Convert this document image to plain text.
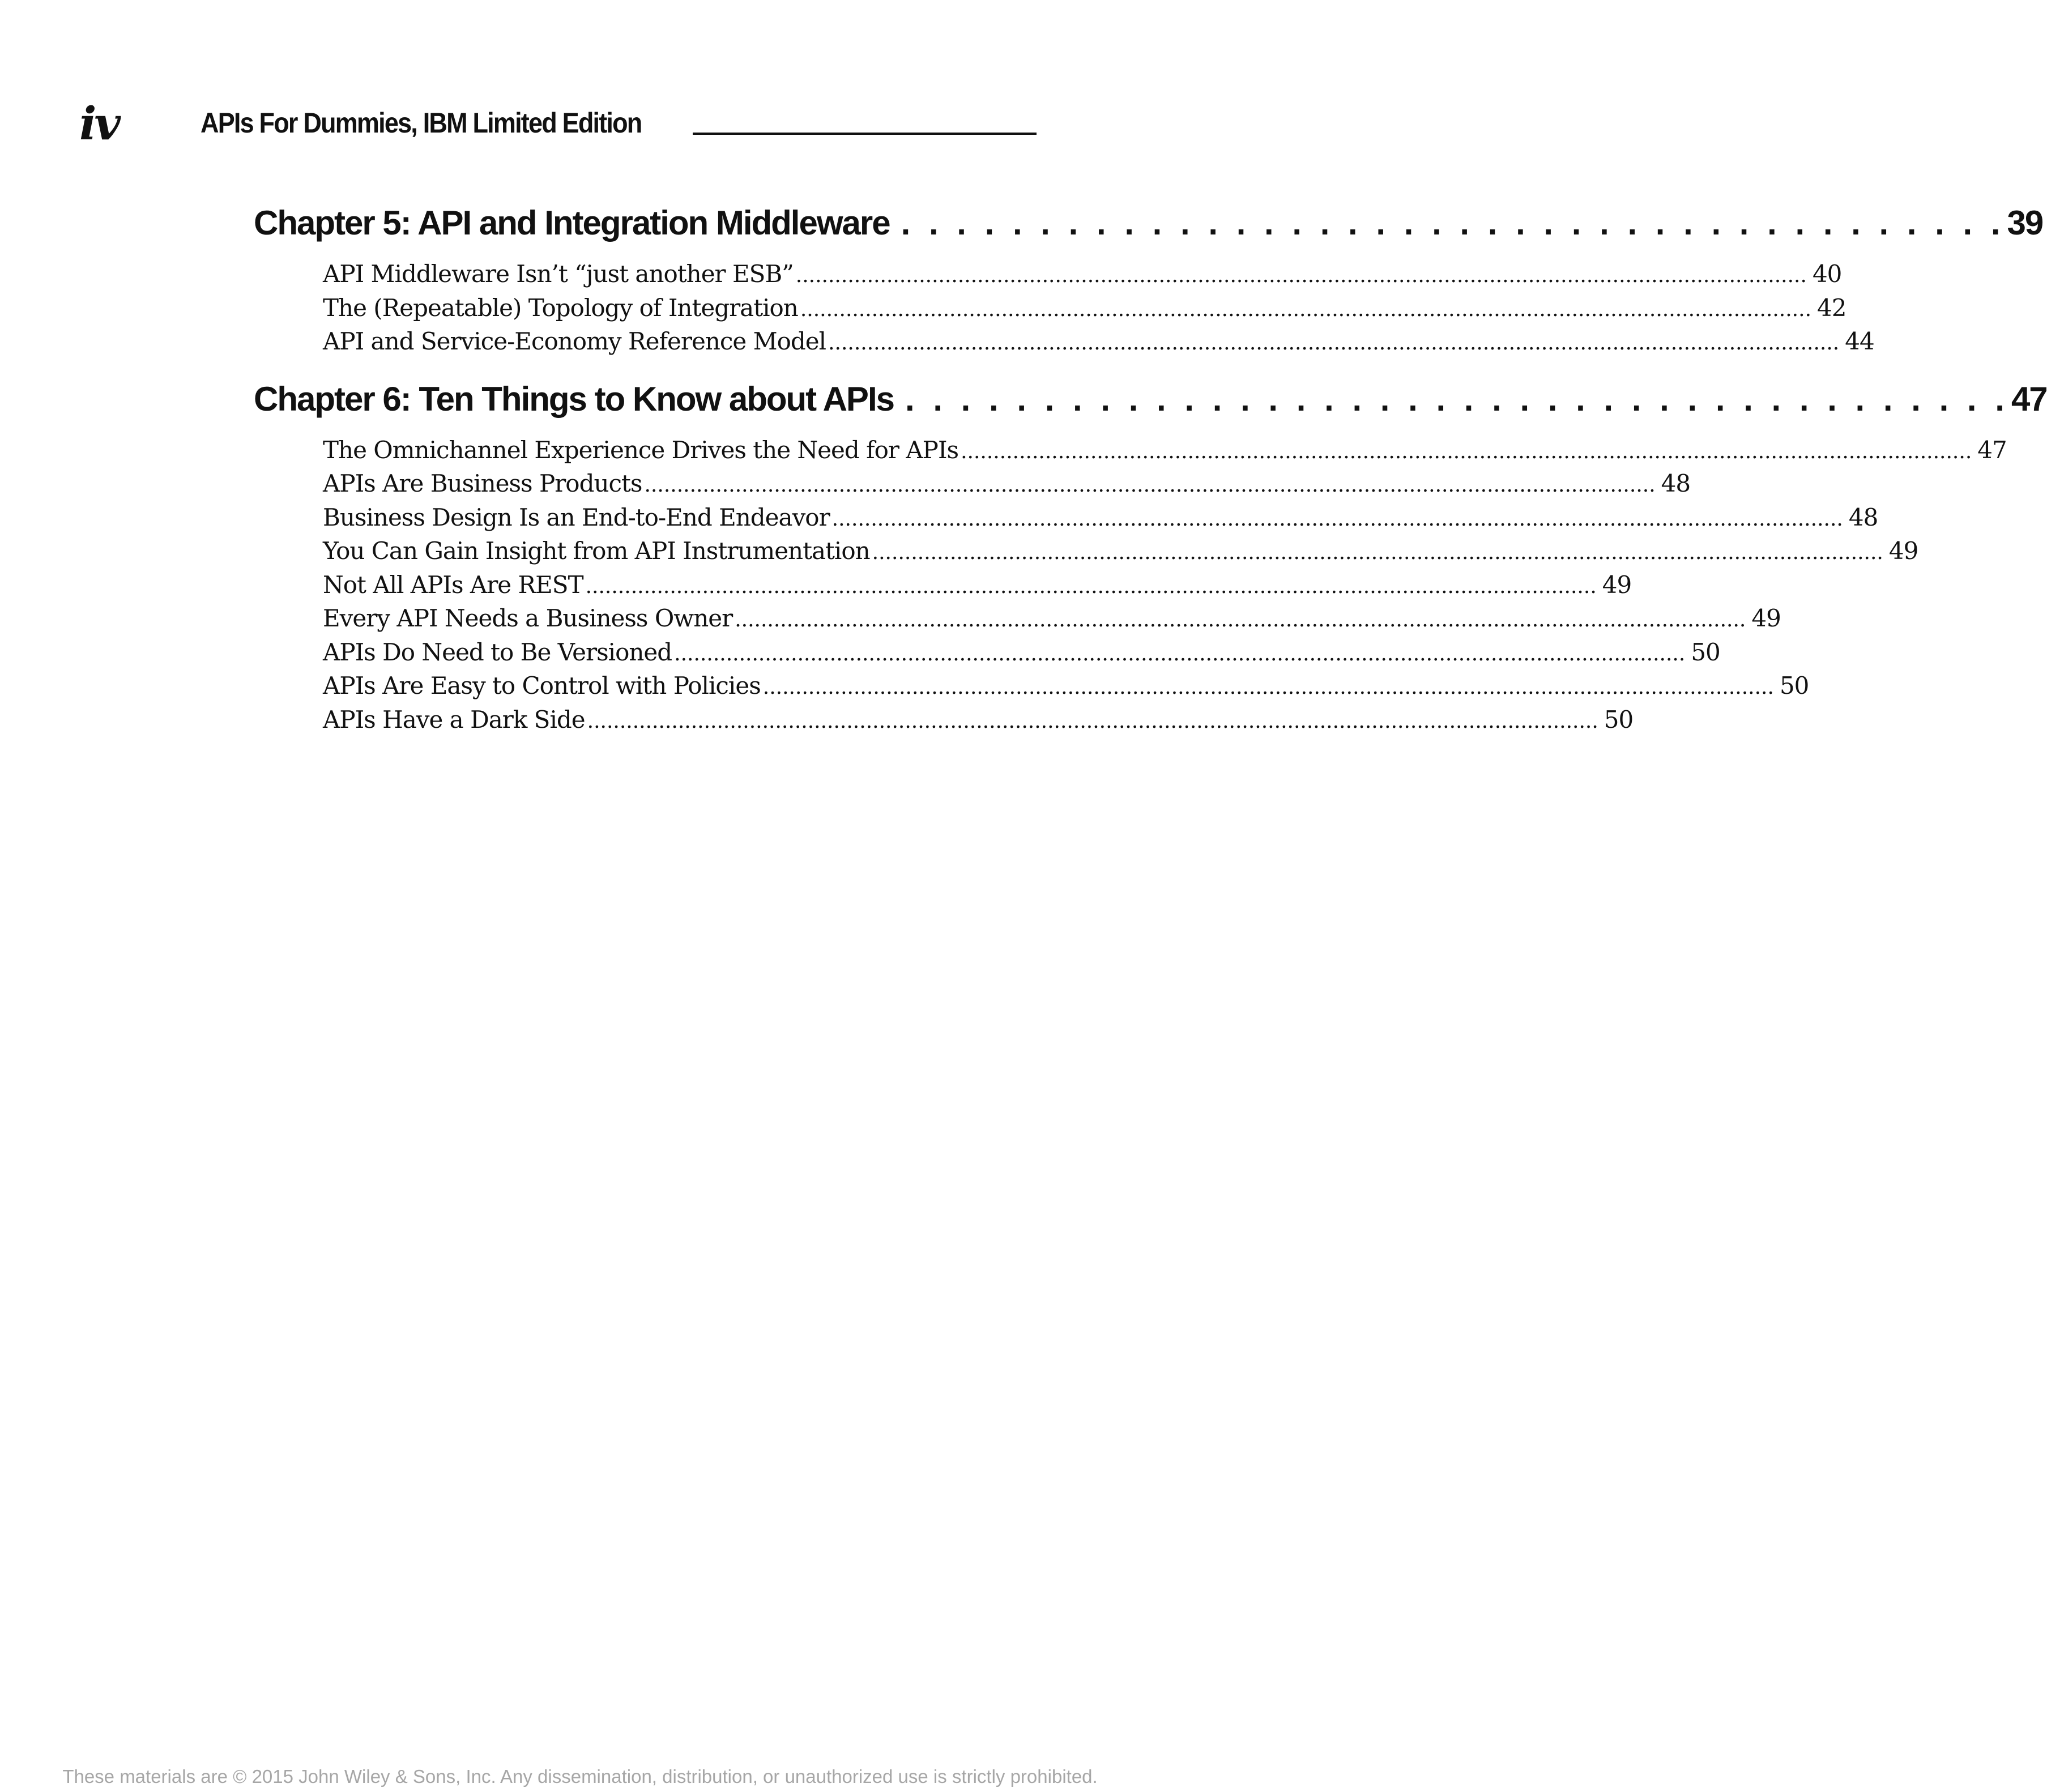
iv	APIs For Dummies, IBM Limited Edition
Chapter 5: API and Integration Middleware . . . . . . . . . . . . . . . . . . . . . . . . . . . . . . . . . . . . . . . . 39
API Middleware Isn’t “just another ESB” ............................................................................................................................................................ 40
The (Repeatable) Topology of Integration ............................................................................................................................................................ 42
API and Service-Economy Reference Model ............................................................................................................................................................ 44
Chapter 6: Ten Things to Know about APIs . . . . . . . . . . . . . . . . . . . . . . . . . . . . . . . . . . . . . . . . 47
The Omnichannel Experience Drives the Need for APIs ............................................................................................................................................................ 47
APIs Are Business Products ............................................................................................................................................................ 48
Business Design Is an End-to-End Endeavor ............................................................................................................................................................ 48
You Can Gain Insight from API Instrumentation ............................................................................................................................................................ 49
Not All APIs Are REST ............................................................................................................................................................ 49
Every API Needs a Business Owner ............................................................................................................................................................ 49
APIs Do Need to Be Versioned ............................................................................................................................................................ 50
APIs Are Easy to Control with Policies ............................................................................................................................................................ 50
APIs Have a Dark Side ............................................................................................................................................................ 50
These materials are © 2015 John Wiley & Sons, Inc. Any dissemination, distribution, or unauthorized use is strictly prohibited.
